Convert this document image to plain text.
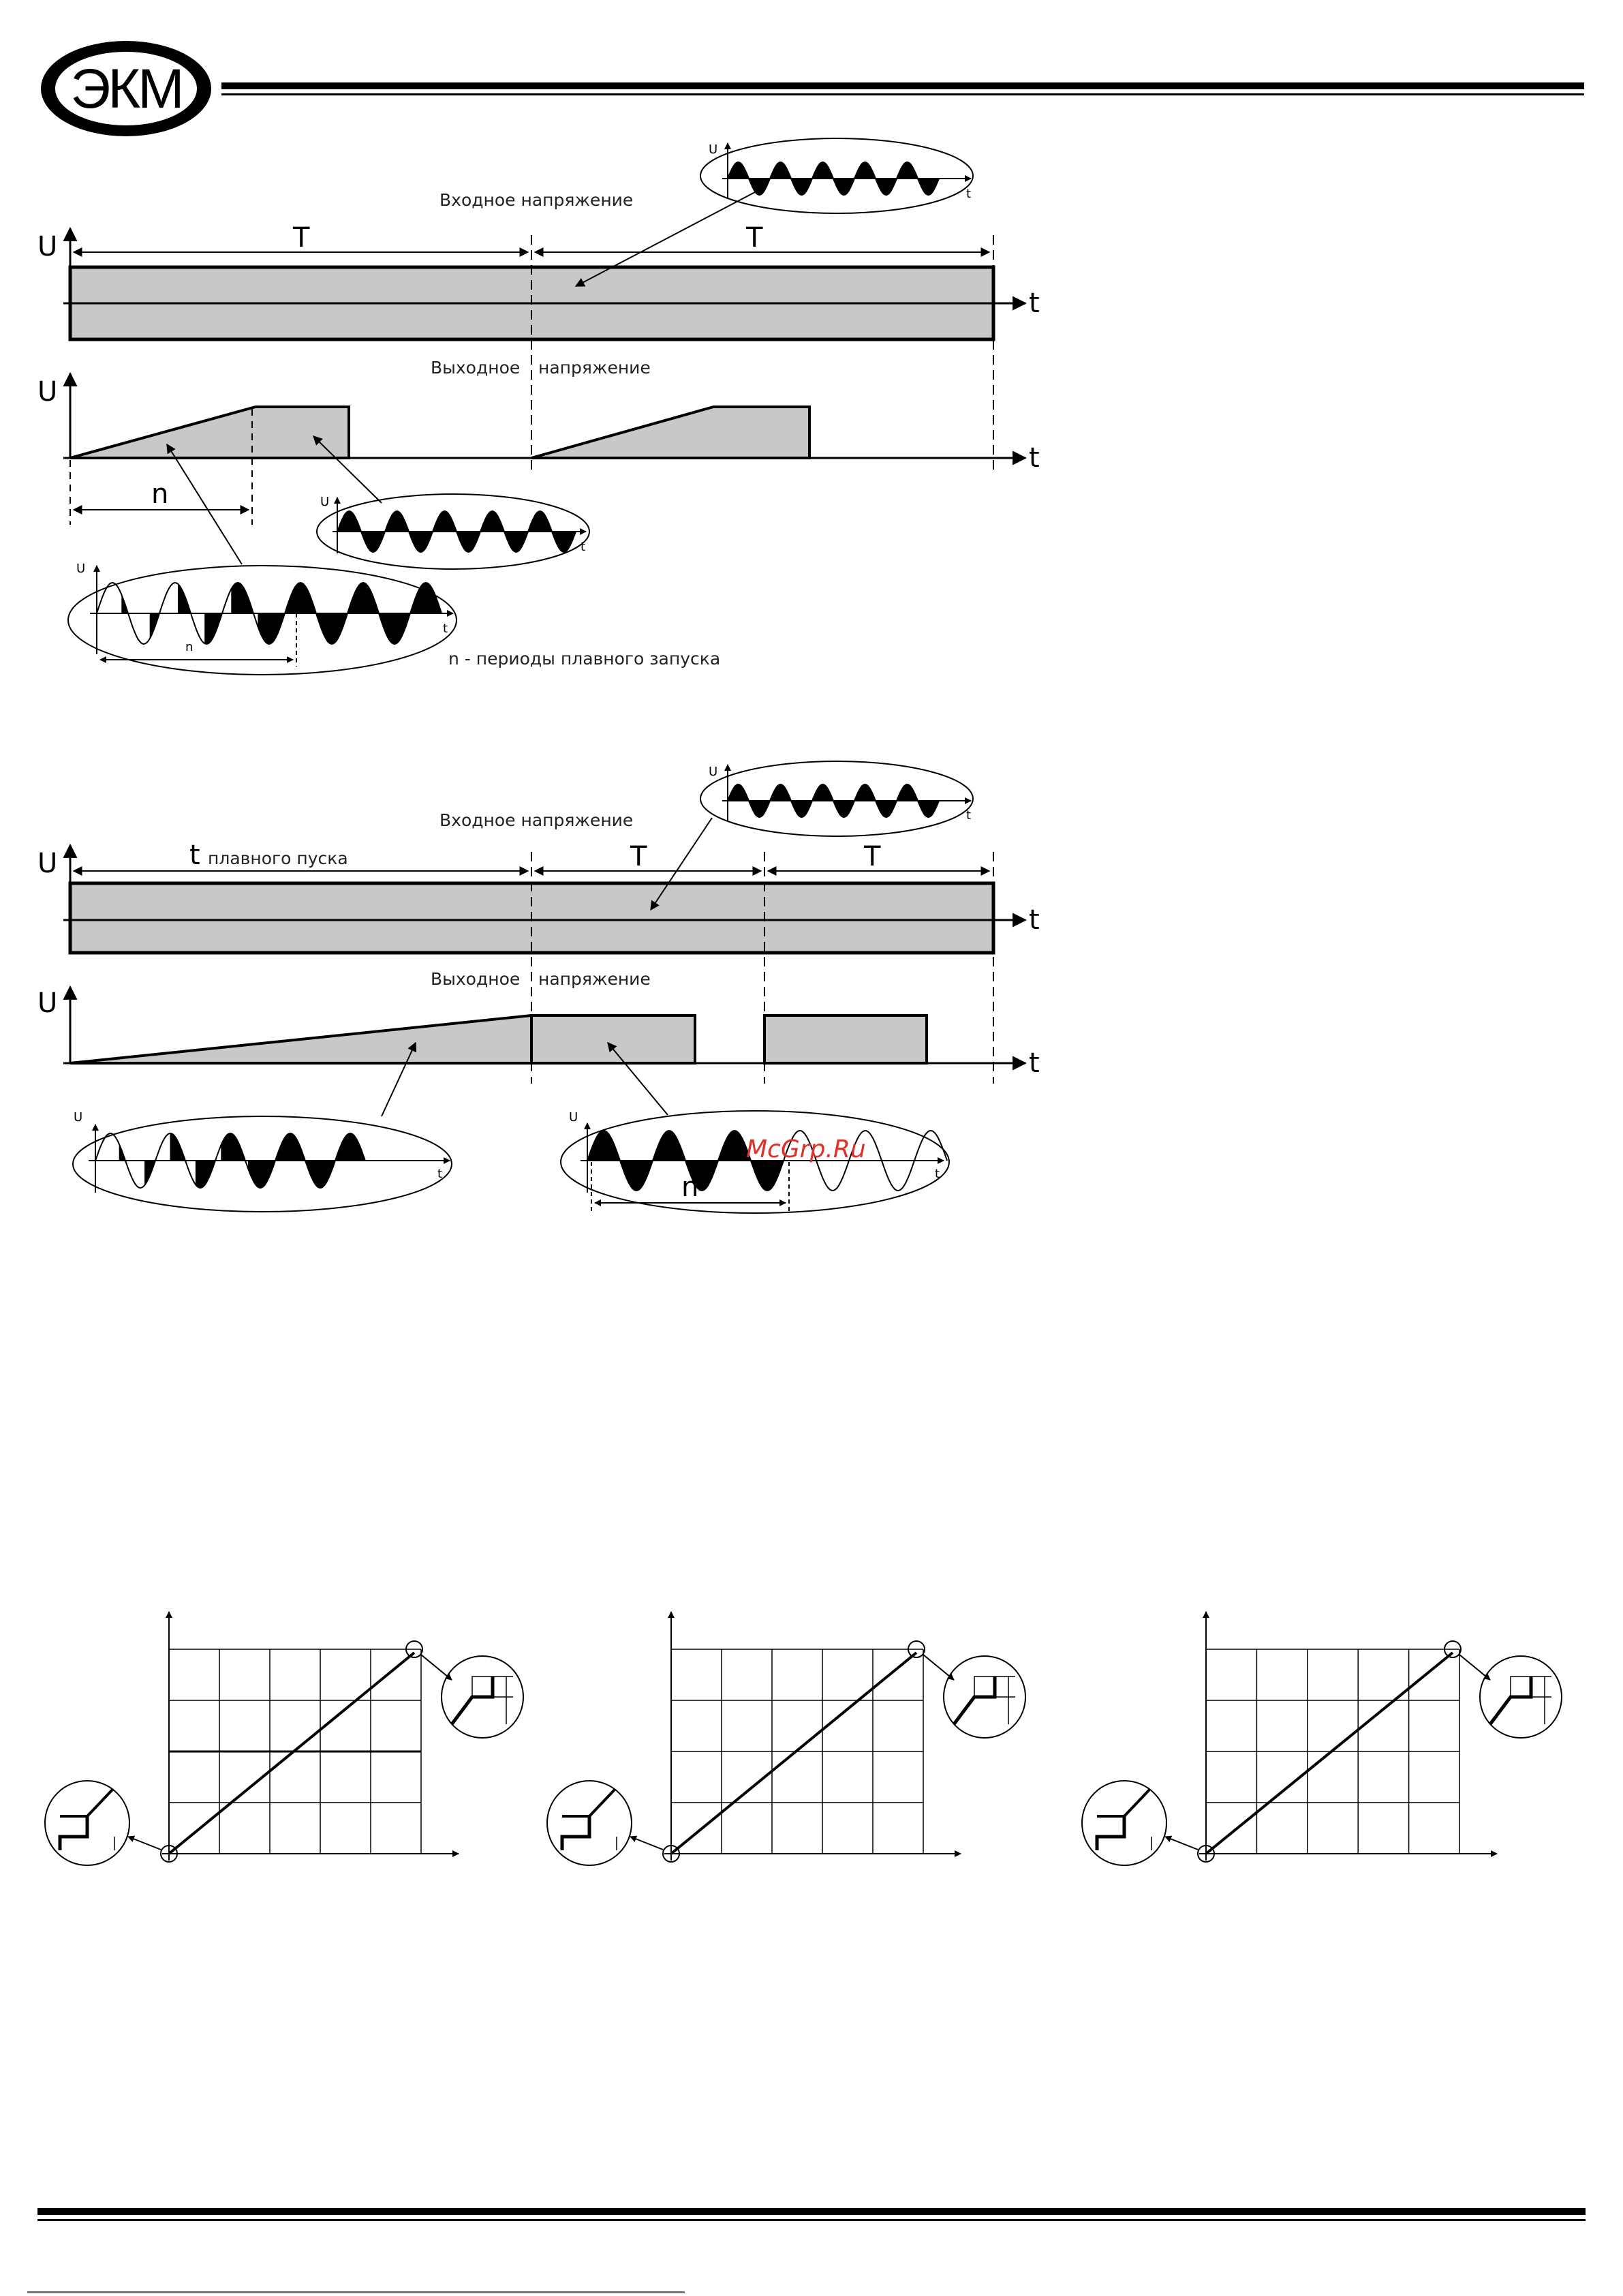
ЭКМ
U
t
T	T
Входное напряжение
Выходное напряжение
U
t
n
U
t
U
t
U
t
n
n - периоды плавного запуска
U
t
t плавного пуска	T	T
Входное напряжение
Выходное напряжение
U
t
U
t
U
t
U
t
n
McGrp.Ru
